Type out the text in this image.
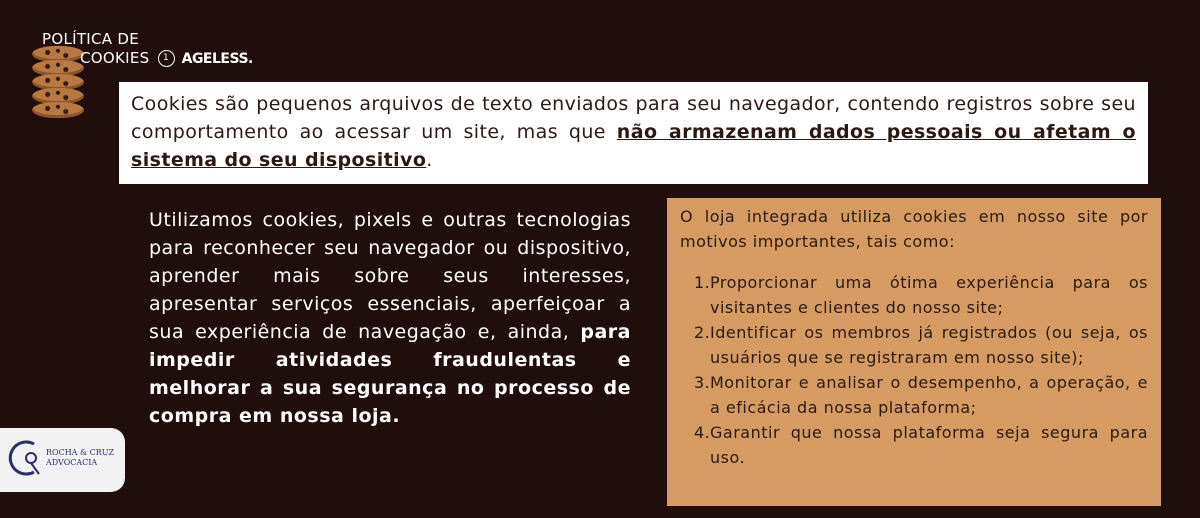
POLÍTICA DE
COOKIES 1 AGELESS.

Cookies são pequenos arquivos de texto enviados para seu navegador, contendo registros sobre seu comportamento ao acessar um site, mas que não armazenam dados pessoais ou afetam o sistema do seu dispositivo.

Utilizamos cookies, pixels e outras tecnologias para reconhecer seu navegador ou dispositivo, aprender mais sobre seus interesses, apresentar serviços essenciais, aperfeiçoar a sua experiência de navegação e, ainda, para impedir atividades fraudulentas e melhorar a sua segurança no processo de compra em nossa loja.

O loja integrada utiliza cookies em nosso site por motivos importantes, tais como:

1. Proporcionar uma ótima experiência para os visitantes e clientes do nosso site;
2. Identificar os membros já registrados (ou seja, os usuários que se registraram em nosso site);
3. Monitorar e analisar o desempenho, a operação, e a eficácia da nossa plataforma;
4. Garantir que nossa plataforma seja segura para uso.
ROCHA & CRUZ
ADVOCACIA
